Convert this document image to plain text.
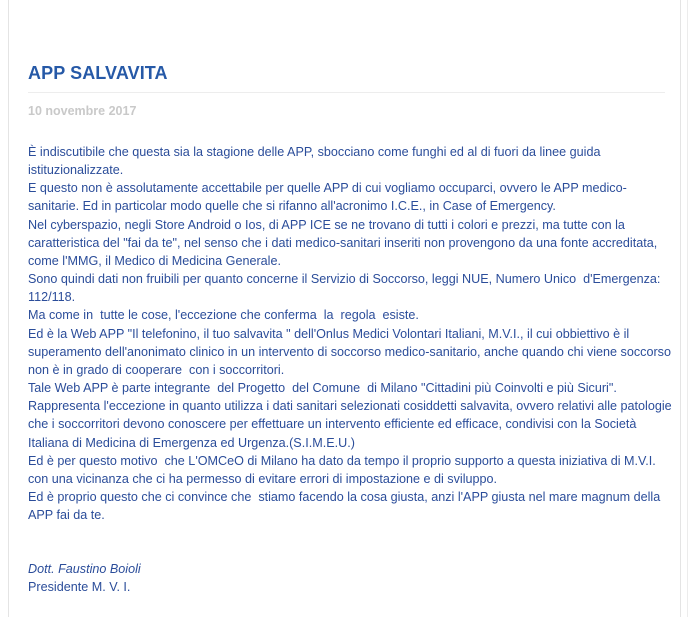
APP SALVAVITA
10 novembre 2017

È indiscutibile che questa sia la stagione delle APP, sbocciano come funghi ed al di fuori da linee guida istituzionalizzate.

E questo non è assolutamente accettabile per quelle APP di cui vogliamo occuparci, ovvero le APP medico-sanitarie. Ed in particolar modo quelle che si rifanno all'acronimo I.C.E., in Case of Emergency.

Nel cyberspazio, negli Store Android o Ios, di APP ICE se ne trovano di tutti i colori e prezzi, ma tutte con la caratteristica del "fai da te", nel senso che i dati medico-sanitari inseriti non provengono da una fonte accreditata, come l'MMG, il Medico di Medicina Generale.

Sono quindi dati non fruibili per quanto concerne il Servizio di Soccorso, leggi NUE, Numero Unico  d'Emergenza: 112/118.

Ma come in  tutte le cose, l'eccezione che conferma  la  regola  esiste.

Ed è la Web APP "Il telefonino, il tuo salvavita " dell'Onlus Medici Volontari Italiani, M.V.I., il cui obbiettivo è il superamento dell'anonimato clinico in un intervento di soccorso medico-sanitario, anche quando chi viene soccorso non è in grado di cooperare  con i soccorritori.

Tale Web APP è parte integrante  del Progetto  del Comune  di Milano "Cittadini più Coinvolti e più Sicuri".

Rappresenta l'eccezione in quanto utilizza i dati sanitari selezionati cosiddetti salvavita, ovvero relativi alle patologie che i soccorritori devono conoscere per effettuare un intervento efficiente ed efficace, condivisi con la Società Italiana di Medicina di Emergenza ed Urgenza.(S.I.M.E.U.)

Ed è per questo motivo  che L'OMCeO di Milano ha dato da tempo il proprio supporto a questa iniziativa di M.V.I. con una vicinanza che ci ha permesso di evitare errori di impostazione e di sviluppo.

Ed è proprio questo che ci convince che  stiamo facendo la cosa giusta, anzi l'APP giusta nel mare magnum della APP fai da te.

Dott. Faustino Boioli
Presidente M. V. I.
